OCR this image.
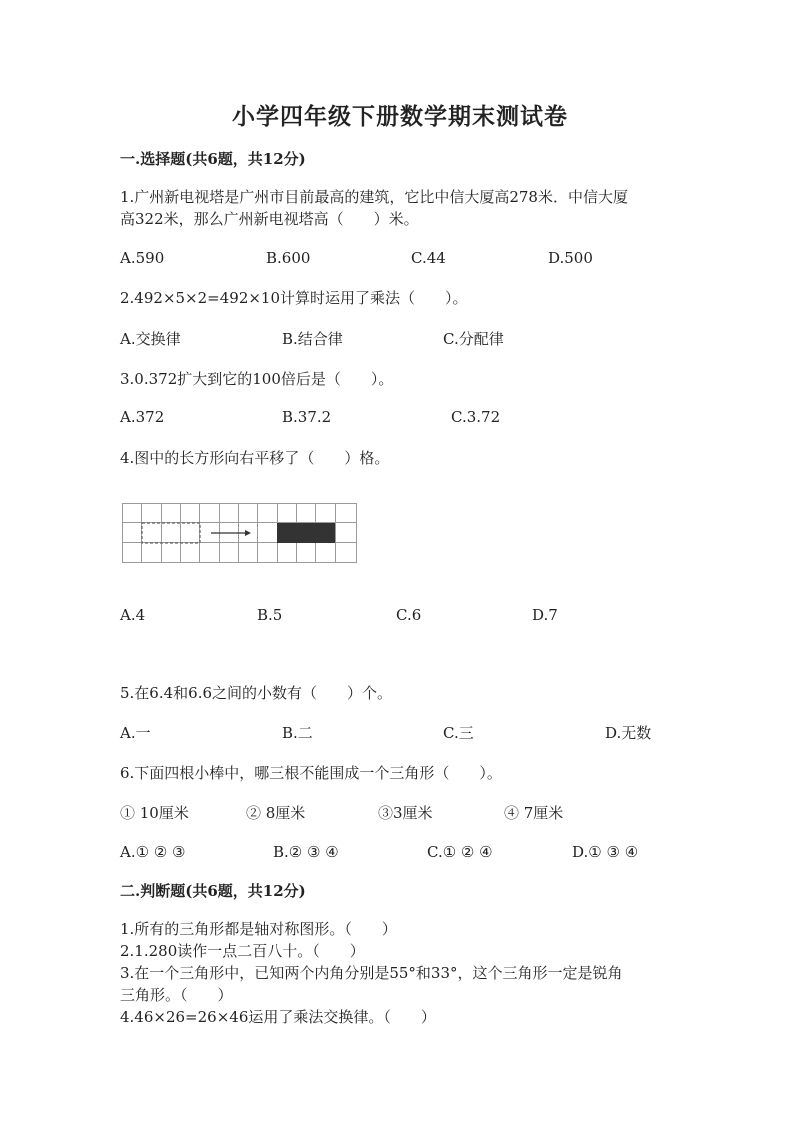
小学四年级下册数学期末测试卷
一.选择题(共6题，共12分)
1.广州新电视塔是广州市目前最高的建筑，它比中信大厦高278米．中信大厦
高322米，那么广州新电视塔高（　　）米。
A.590	B.600	C.44	D.500
2.492×5×2=492×10计算时运用了乘法（　　）。
A.交换律	B.结合律	C.分配律
3.0.372扩大到它的100倍后是（　　）。
A.372	B.37.2	C.3.72
4.图中的长方形向右平移了（　　）格。
A.4	B.5	C.6	D.7
5.在6.4和6.6之间的小数有（　　）个。
A.一	B.二	C.三	D.无数
6.下面四根小棒中，哪三根不能围成一个三角形（　　）。
① 10厘米	② 8厘米	③3厘米	④ 7厘米
A.① ② ③	B.② ③ ④	C.① ② ④	D.① ③ ④
二.判断题(共6题，共12分)
1.所有的三角形都是轴对称图形。（　　）
2.1.280读作一点二百八十。（　　）
3.在一个三角形中，已知两个内角分别是55°和33°，这个三角形一定是锐角
三角形。（　　）
4.46×26=26×46运用了乘法交换律。（　　）
